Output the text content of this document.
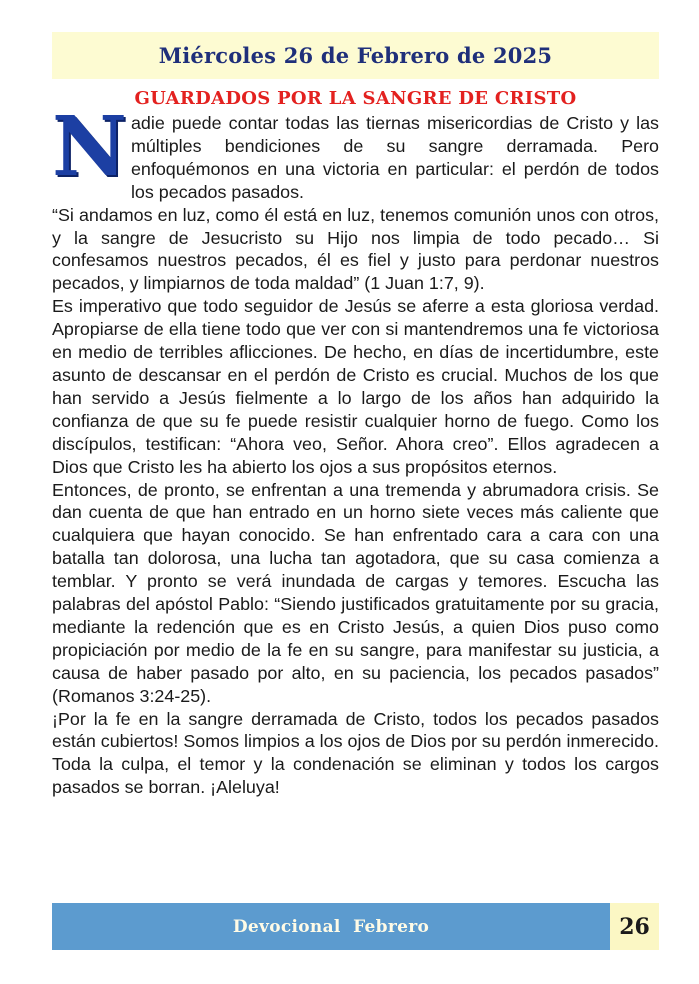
Miércoles 26 de Febrero de 2025
GUARDADOS POR LA SANGRE DE CRISTO

Nadie puede contar todas las tiernas misericordias de Cristo y las múltiples bendiciones de su sangre derramada. Pero enfoquémonos en una victoria en particular: el perdón de todos los pecados pasados.

“Si andamos en luz, como él está en luz, tenemos comunión unos con otros, y la sangre de Jesucristo su Hijo nos limpia de todo pecado… Si confesamos nuestros pecados, él es fiel y justo para perdonar nuestros pecados, y limpiarnos de toda maldad” (1 Juan 1:7, 9).

Es imperativo que todo seguidor de Jesús se aferre a esta gloriosa verdad. Apropiarse de ella tiene todo que ver con si mantendremos una fe victoriosa en medio de terribles aflicciones. De hecho, en días de incertidumbre, este asunto de descansar en el perdón de Cristo es crucial. Muchos de los que han servido a Jesús fielmente a lo largo de los años han adquirido la confianza de que su fe puede resistir cualquier horno de fuego. Como los discípulos, testifican: “Ahora veo, Señor. Ahora creo”. Ellos agradecen a Dios que Cristo les ha abierto los ojos a sus propósitos eternos.

Entonces, de pronto, se enfrentan a una tremenda y abrumadora crisis. Se dan cuenta de que han entrado en un horno siete veces más caliente que cualquiera que hayan conocido. Se han enfrentado cara a cara con una batalla tan dolorosa, una lucha tan agotadora, que su casa comienza a temblar. Y pronto se verá inundada de cargas y temores. Escucha las palabras del apóstol Pablo: “Siendo justificados gratuitamente por su gracia, mediante la redención que es en Cristo Jesús, a quien Dios puso como propiciación por medio de la fe en su sangre, para manifestar su justicia, a causa de haber pasado por alto, en su paciencia, los pecados pasados” (Romanos 3:24-25).

¡Por la fe en la sangre derramada de Cristo, todos los pecados pasados están cubiertos! Somos limpios a los ojos de Dios por su perdón inmerecido. Toda la culpa, el temor y la condenación se eliminan y todos los cargos pasados se borran. ¡Aleluya!

Devocional  Febrero	26
